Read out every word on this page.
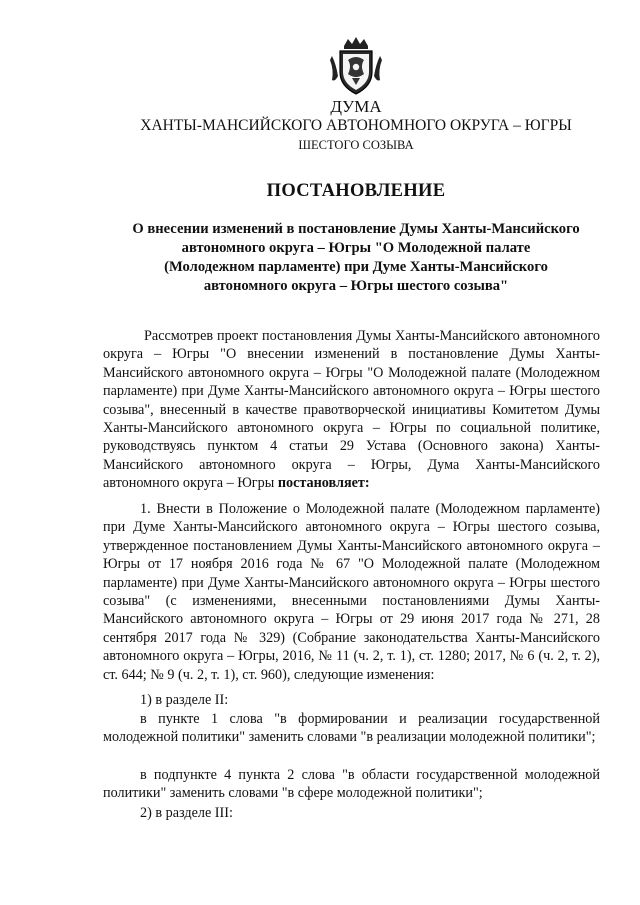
ДУМА
ХАНТЫ-МАНСИЙСКОГО АВТОНОМНОГО ОКРУГА – ЮГРЫ
ШЕСТОГО СОЗЫВА
ПОСТАНОВЛЕНИЕ
О внесении изменений в постановление Думы Ханты-Мансийского
автономного округа – Югры "О Молодежной палате
(Молодежном парламенте) при Думе Ханты-Мансийского
автономного округа – Югры шестого созыва"
Рассмотрев проект постановления Думы Ханты-Мансийского автономного округа – Югры "О внесении изменений в постановление Думы Ханты-Мансийского автономного округа – Югры "О Молодежной палате (Молодежном парламенте) при Думе Ханты-Мансийского автономного округа – Югры шестого созыва", внесенный в качестве правотворческой инициативы Комитетом Думы Ханты-Мансийского автономного округа – Югры по социальной политике, руководствуясь пунктом 4 статьи 29 Устава (Основного закона) Ханты-Мансийского автономного округа – Югры, Дума Ханты-Мансийского автономного округа – Югры постановляет:
1. Внести в Положение о Молодежной палате (Молодежном парламенте) при Думе Ханты-Мансийского автономного округа – Югры шестого созыва, утвержденное постановлением Думы Ханты-Мансийского автономного округа – Югры от 17 ноября 2016 года № 67 "О Молодежной палате (Молодежном парламенте) при Думе Ханты-Мансийского автономного округа – Югры шестого созыва" (с изменениями, внесенными постановлениями Думы Ханты-Мансийского автономного округа – Югры от 29 июня 2017 года № 271, 28 сентября 2017 года № 329) (Собрание законодательства Ханты-Мансийского автономного округа – Югры, 2016, № 11 (ч. 2, т. 1), ст. 1280; 2017, № 6 (ч. 2, т. 2), ст. 644; № 9 (ч. 2, т. 1), ст. 960), следующие изменения:
1) в разделе II:
в пункте 1 слова "в формировании и реализации государственной молодежной политики" заменить словами "в реализации молодежной политики";
в подпункте 4 пункта 2 слова "в области государственной молодежной политики" заменить словами "в сфере молодежной политики";
2) в разделе III:
